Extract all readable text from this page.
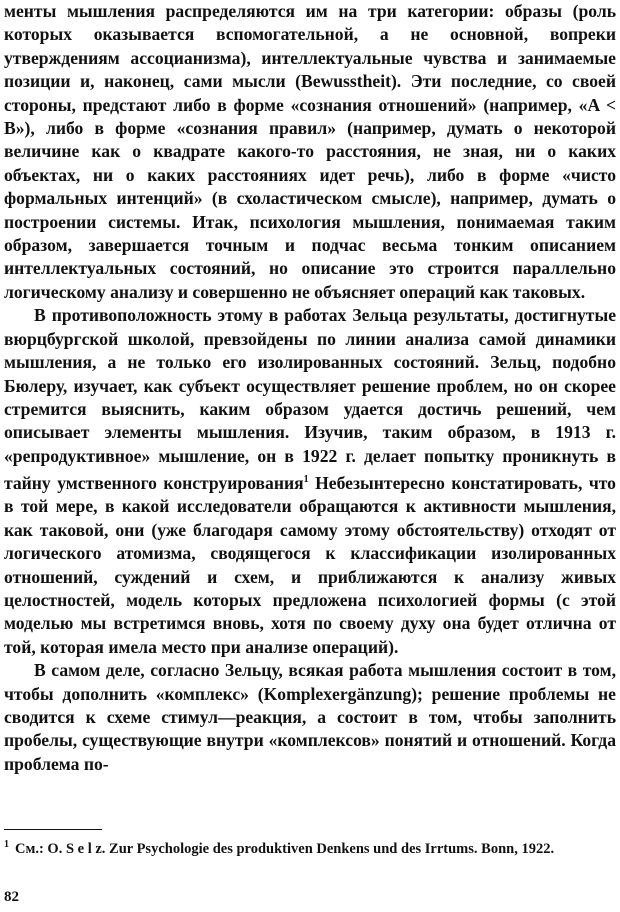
менты мышления распределяются им на три категории: образы (роль которых оказывается вспомогательной, а не основной, вопреки утверждениям ассоцианизма), интеллектуальные чувства и занимаемые позиции и, наконец, сами мысли (Bewusstheit). Эти последние, со своей стороны, предстают либо в форме «сознания отношений» (например, «A < B»), либо в форме «сознания правил» (например, думать о некоторой величине как о квадрате какого-то расстояния, не зная, ни о каких объектах, ни о каких расстояниях идет речь), либо в форме «чисто формальных интенций» (в схоластическом смысле), например, думать о построении системы. Итак, психология мышления, понимаемая таким образом, завершается точным и подчас весьма тонким описанием интеллектуальных состояний, но описание это строится параллельно логическому анализу и совершенно не объясняет операций как таковых.

В противоположность этому в работах Зельца результаты, достигнутые вюрцбургской школой, превзойдены по линии анализа самой динамики мышления, а не только его изолированных состояний. Зельц, подобно Бюлеру, изучает, как субъект осуществляет решение проблем, но он скорее стремится выяснить, каким образом удается достичь решений, чем описывает элементы мышления. Изучив, таким образом, в 1913 г. «репродуктивное» мышление, он в 1922 г. делает попытку проникнуть в тайну умственного конструирования$^1$ Небезынтересно констатировать, что в той мере, в какой исследователи обращаются к активности мышления, как таковой, они (уже благодаря самому этому обстоятельству) отходят от логического атомизма, сводящегося к классификации изолированных отношений, суждений и схем, и приближаются к анализу живых целостностей, модель которых предложена психологией формы (с этой моделью мы встретимся вновь, хотя по своему духу она будет отлична от той, которая имела место при анализе операций).

В самом деле, согласно Зельцу, всякая работа мышления состоит в том, чтобы дополнить «комплекс» (Komplexergänzung); решение проблемы не сводится к схеме стимул—реакция, а состоит в том, чтобы заполнить пробелы, существующие внутри «комплексов» понятий и отношений. Когда проблема по-

$^1$ См.: O. S e l z. Zur Psychologie des produktiven Denkens und des Irrtums. Bonn, 1922.
82
